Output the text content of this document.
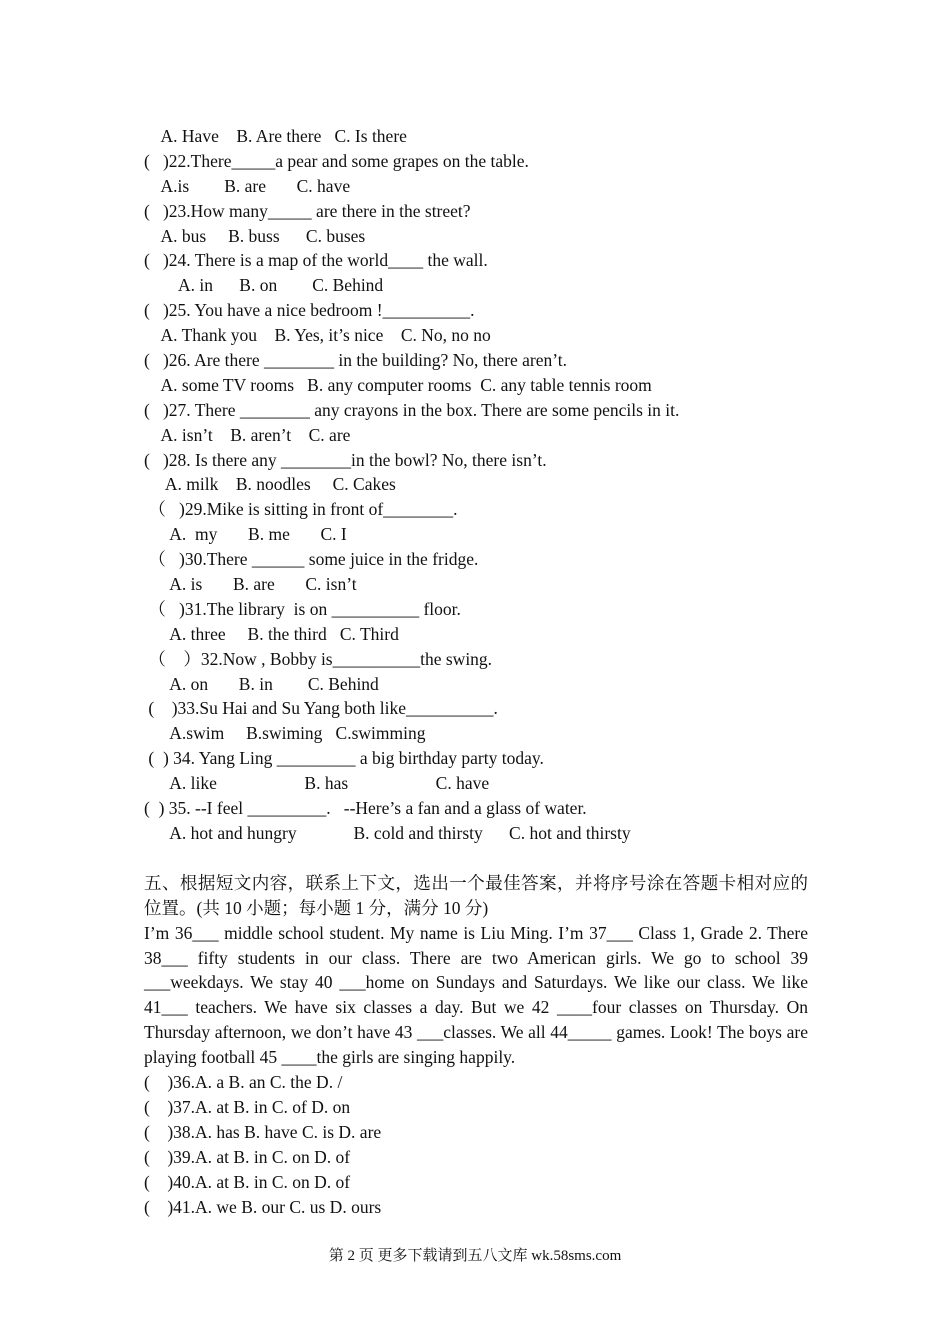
A. Have    B. Are there   C. Is there
(   )22.There_____a pear and some grapes on the table.
A.is        B. are       C. have
(   )23.How many_____ are there in the street?
A. bus     B. buss      C. buses
(   )24. There is a map of the world____ the wall.
A. in      B. on        C. Behind
(   )25. You have a nice bedroom !__________.
A. Thank you    B. Yes, it’s nice    C. No, no no
(   )26. Are there ________ in the building? No, there aren’t.
A. some TV rooms   B. any computer rooms  C. any table tennis room
(   )27. There ________ any crayons in the box. There are some pencils in it.
A. isn’t    B. aren’t    C. are
(   )28. Is there any ________in the bowl? No, there isn’t.
A. milk    B. noodles     C. Cakes
（   )29.Mike is sitting in front of________.
A.  my       B. me       C. I
（   )30.There ______ some juice in the fridge.
A. is       B. are       C. isn’t
（   )31.The library  is on __________ floor.
A. three     B. the third   C. Third
（    ）32.Now , Bobby is__________the swing.
A. on       B. in        C. Behind
(    )33.Su Hai and Su Yang both like__________.
A.swim     B.swiming   C.swimming
(  ) 34. Yang Ling _________ a big birthday party today.
A. like                    B. has                    C. have
(  ) 35. --I feel _________.   --Here’s a fan and a glass of water.
A. hot and hungry             B. cold and thirsty      C. hot and thirsty
五、根据短文内容，联系上下文，选出一个最佳答案，并将序号涂在答题卡相对应的位置。(共 10 小题；每小题 1 分，满分 10 分)
I’m 36___ middle school student. My name is Liu Ming. I’m 37___ Class 1, Grade 2. There 38___ fifty students in our class. There are two American girls. We go to school 39 ___weekdays. We stay 40 ___home on Sundays and Saturdays. We like our class. We like 41___ teachers. We have six classes a day. But we 42 ____four classes on Thursday. On Thursday afternoon, we don’t have 43 ___classes. We all 44_____ games. Look! The boys are playing football 45 ____the girls are singing happily.
(    )36.A. a B. an C. the D. /
(    )37.A. at B. in C. of D. on
(    )38.A. has B. have C. is D. are
(    )39.A. at B. in C. on D. of
(    )40.A. at B. in C. on D. of
(    )41.A. we B. our C. us D. ours
第 2 页 更多下载请到五八文库 wk.58sms.com
